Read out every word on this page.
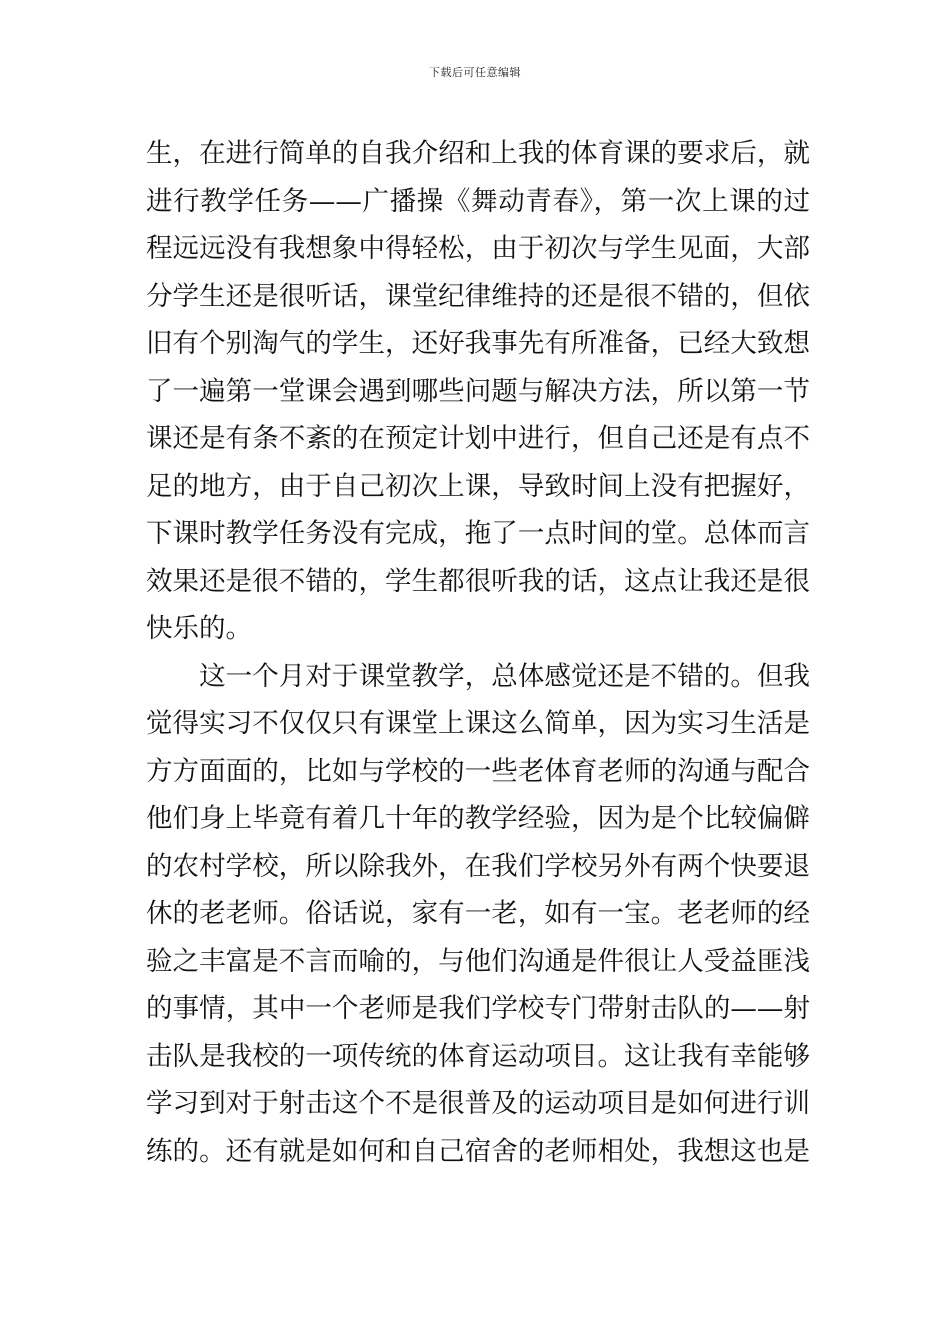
下载后可任意编辑
生，在进行简单的自我介绍和上我的体育课的要求后，就
进行教学任务——广播操《舞动青春》，第一次上课的过
程远远没有我想象中得轻松，由于初次与学生见面，大部
分学生还是很听话，课堂纪律维持的还是很不错的，但依
旧有个别淘气的学生，还好我事先有所准备，已经大致想
了一遍第一堂课会遇到哪些问题与解决方法，所以第一节
课还是有条不紊的在预定计划中进行，但自己还是有点不
足的地方，由于自己初次上课，导致时间上没有把握好，
下课时教学任务没有完成，拖了一点时间的堂。总体而言
效果还是很不错的，学生都很听我的话，这点让我还是很
快乐的。
　　这一个月对于课堂教学，总体感觉还是不错的。但我
觉得实习不仅仅只有课堂上课这么简单，因为实习生活是
方方面面的，比如与学校的一些老体育老师的沟通与配合
他们身上毕竟有着几十年的教学经验，因为是个比较偏僻
的农村学校，所以除我外，在我们学校另外有两个快要退
休的老老师。俗话说，家有一老，如有一宝。老老师的经
验之丰富是不言而喻的，与他们沟通是件很让人受益匪浅
的事情，其中一个老师是我们学校专门带射击队的——射
击队是我校的一项传统的体育运动项目。这让我有幸能够
学习到对于射击这个不是很普及的运动项目是如何进行训
练的。还有就是如何和自己宿舍的老师相处，我想这也是
